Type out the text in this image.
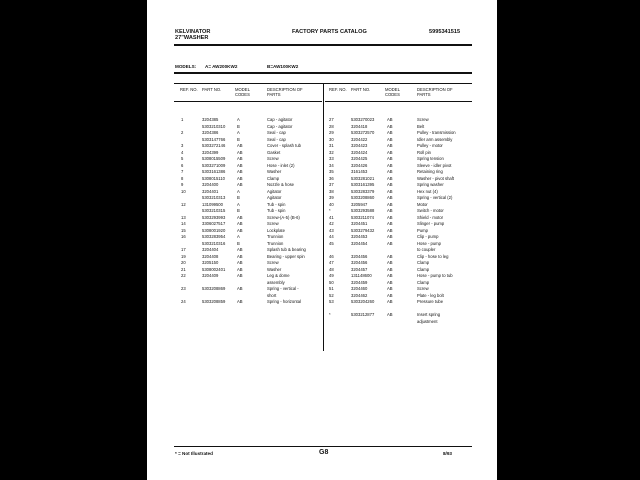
KELVINATOR
27"WASHER
FACTORY PARTS CATALOG	5995341515
MODELS: A= AW200KW2	B=AW100KW2
REF. NO. PART NO.	MODEL CODES
DESCRIPTION OF PARTS
REF. NO. PART NO.	MODEL CODES
DESCRIPTION OF PARTS
1	3204385	A	Cap - agitator
5303210310	B	Cap - agitator
2	3204386	A	Seal - cap
5303147766	B	Seal - cap
3	5303272146	AB	Cover - splash tub
4	3204399	AB	Gasket
5	5308015509	AB	Screw
6	5303271009	AB	Hose - inlet (2)
7	5303161386	AB	Washer
8	5308015110	AB	Clamp
9	3204400	AB	Nozzle & hose
10	3204401	A	Agitator
5303210313	B	Agitator
12	131099500	A	Tub - spin
5303210315	B	Tub - spin
13	5303293993	AB	Screw-(A-5) (B-6)
14	3306027517	AB	Screw
15	5308001920	AB	Lockplate
16	5303283954	A	Trunnion
5303210316	B	Trunnion
17	3204404	AB	Splash tub & bearing
19	3204408	AB	Bearing - upper spin
20	3205150	AB	Screw
21	5308002401	AB	Washer
22	3204409	AB	Leg & dome
assembly
23	5303208869	AB	Spring - vertical -
short
24	5303208859	AB	Spring - horizontal
27	5303270023	AB	Screw
28	3204418	AB	Belt
29	5303272570	AB	Pulley - transmission
30	3204422	AB	Idler arm assembly
31	3204423	AB	Pulley - motor
32	3204424	AB	Roll pin
33	3204425	AB	Spring tension
34	3204426	AB	Sleeve - idler pivot
35	3161453	AB	Retaining ring
36	5303281021	AB	Washer - pivot shaft
37	5303161395	AB	Spring washer
38	5303283379	AB	Hex nut (4)
39	5303208860	AB	Spring - vertical (2)
40	3205947	AB	Motor
*	5303293588	AB	Switch - motor
41	5303211074	AB	Shield - motor
42	3204451	AB	Slinger - pump
43	5303279432	AB	Pump
44	3204453	AB	Clip - pump
45	3204454	AB	Hose - pump
to coupler
46	3204456	AB	Clip - hose to leg
47	3204456	AB	Clamp
48	3204457	AB	Clamp
49	131148600	AB	Hose - pump to tub
50	3204459	AB	Clamp
51	3204460	AB	Screw
52	3204462	AB	Plate - leg bolt
53	5303204260	AB	Pressure tube
*	5303212877	AB	Insert spring
adjustment
* = Not Illustrated	G8	8/93
